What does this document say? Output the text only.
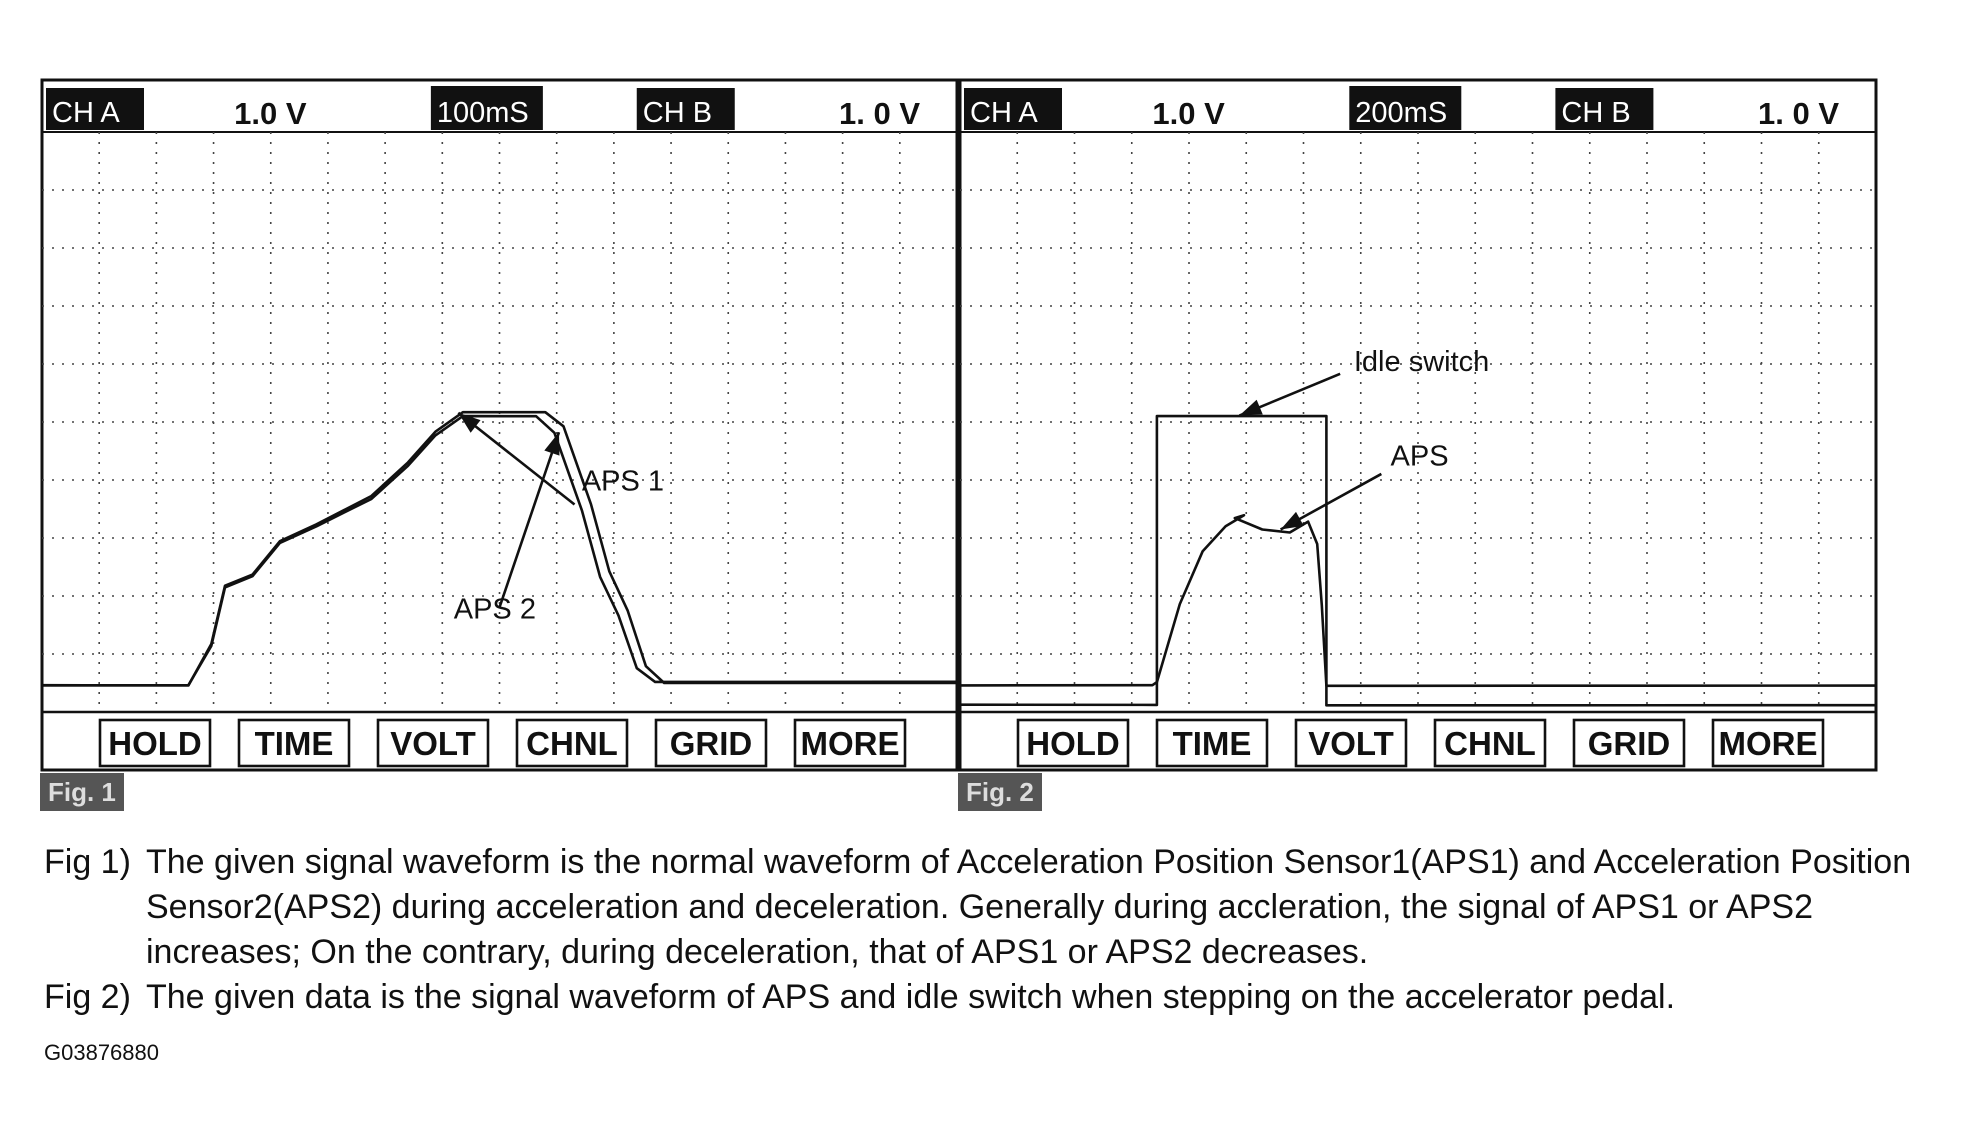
CH A	1.0 V	100mS	CH B	1. 0 V
APS 1
APS 2
HOLD TIME VOLT CHNL GRID MORE
Fig. 1
CH A	1.0 V	200mS	CH B	1. 0 V
Idle switch
APS
HOLD TIME VOLT CHNL GRID MORE
Fig. 2
Fig 1) The given signal waveform is the normal waveform of Acceleration Position Sensor1(APS1) and Acceleration Position Sensor2(APS2) during acceleration and deceleration. Generally during accleration, the signal of APS1 or APS2 increases; On the contrary, during deceleration, that of APS1 or APS2 decreases.
Fig 2) The given data is the signal waveform of APS and idle switch when stepping on the accelerator pedal.
G03876880
